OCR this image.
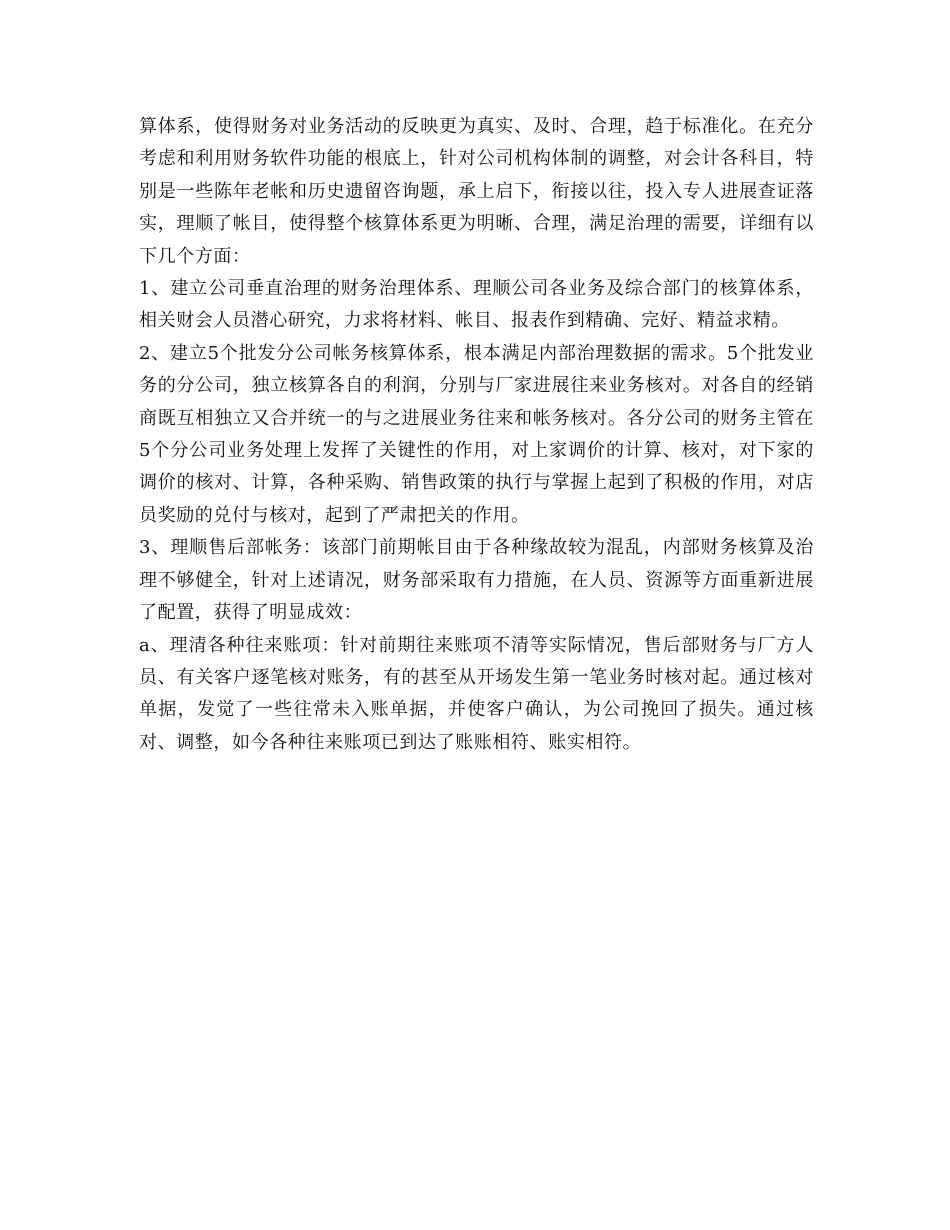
算体系，使得财务对业务活动的反映更为真实、及时、合理，趋于标准化。在充分考虑和利用财务软件功能的根底上，针对公司机构体制的调整，对会计各科目，特别是一些陈年老帐和历史遗留咨询题，承上启下，衔接以往，投入专人进展查证落实，理顺了帐目，使得整个核算体系更为明晰、合理，满足治理的需要，详细有以下几个方面：

1、建立公司垂直治理的财务治理体系、理顺公司各业务及综合部门的核算体系，相关财会人员潜心研究，力求将材料、帐目、报表作到精确、完好、精益求精。

2、建立5个批发分公司帐务核算体系，根本满足内部治理数据的需求。5个批发业务的分公司，独立核算各自的利润，分别与厂家进展往来业务核对。对各自的经销商既互相独立又合并统一的与之进展业务往来和帐务核对。各分公司的财务主管在5个分公司业务处理上发挥了关键性的作用，对上家调价的计算、核对，对下家的调价的核对、计算，各种采购、销售政策的执行与掌握上起到了积极的作用，对店员奖励的兑付与核对，起到了严肃把关的作用。

3、理顺售后部帐务：该部门前期帐目由于各种缘故较为混乱，内部财务核算及治理不够健全，针对上述请况，财务部采取有力措施，在人员、资源等方面重新进展了配置，获得了明显成效：

a、理清各种往来账项：针对前期往来账项不清等实际情况，售后部财务与厂方人员、有关客户逐笔核对账务，有的甚至从开场发生第一笔业务时核对起。通过核对单据，发觉了一些往常未入账单据，并使客户确认，为公司挽回了损失。通过核对、调整，如今各种往来账项已到达了账账相符、账实相符。
